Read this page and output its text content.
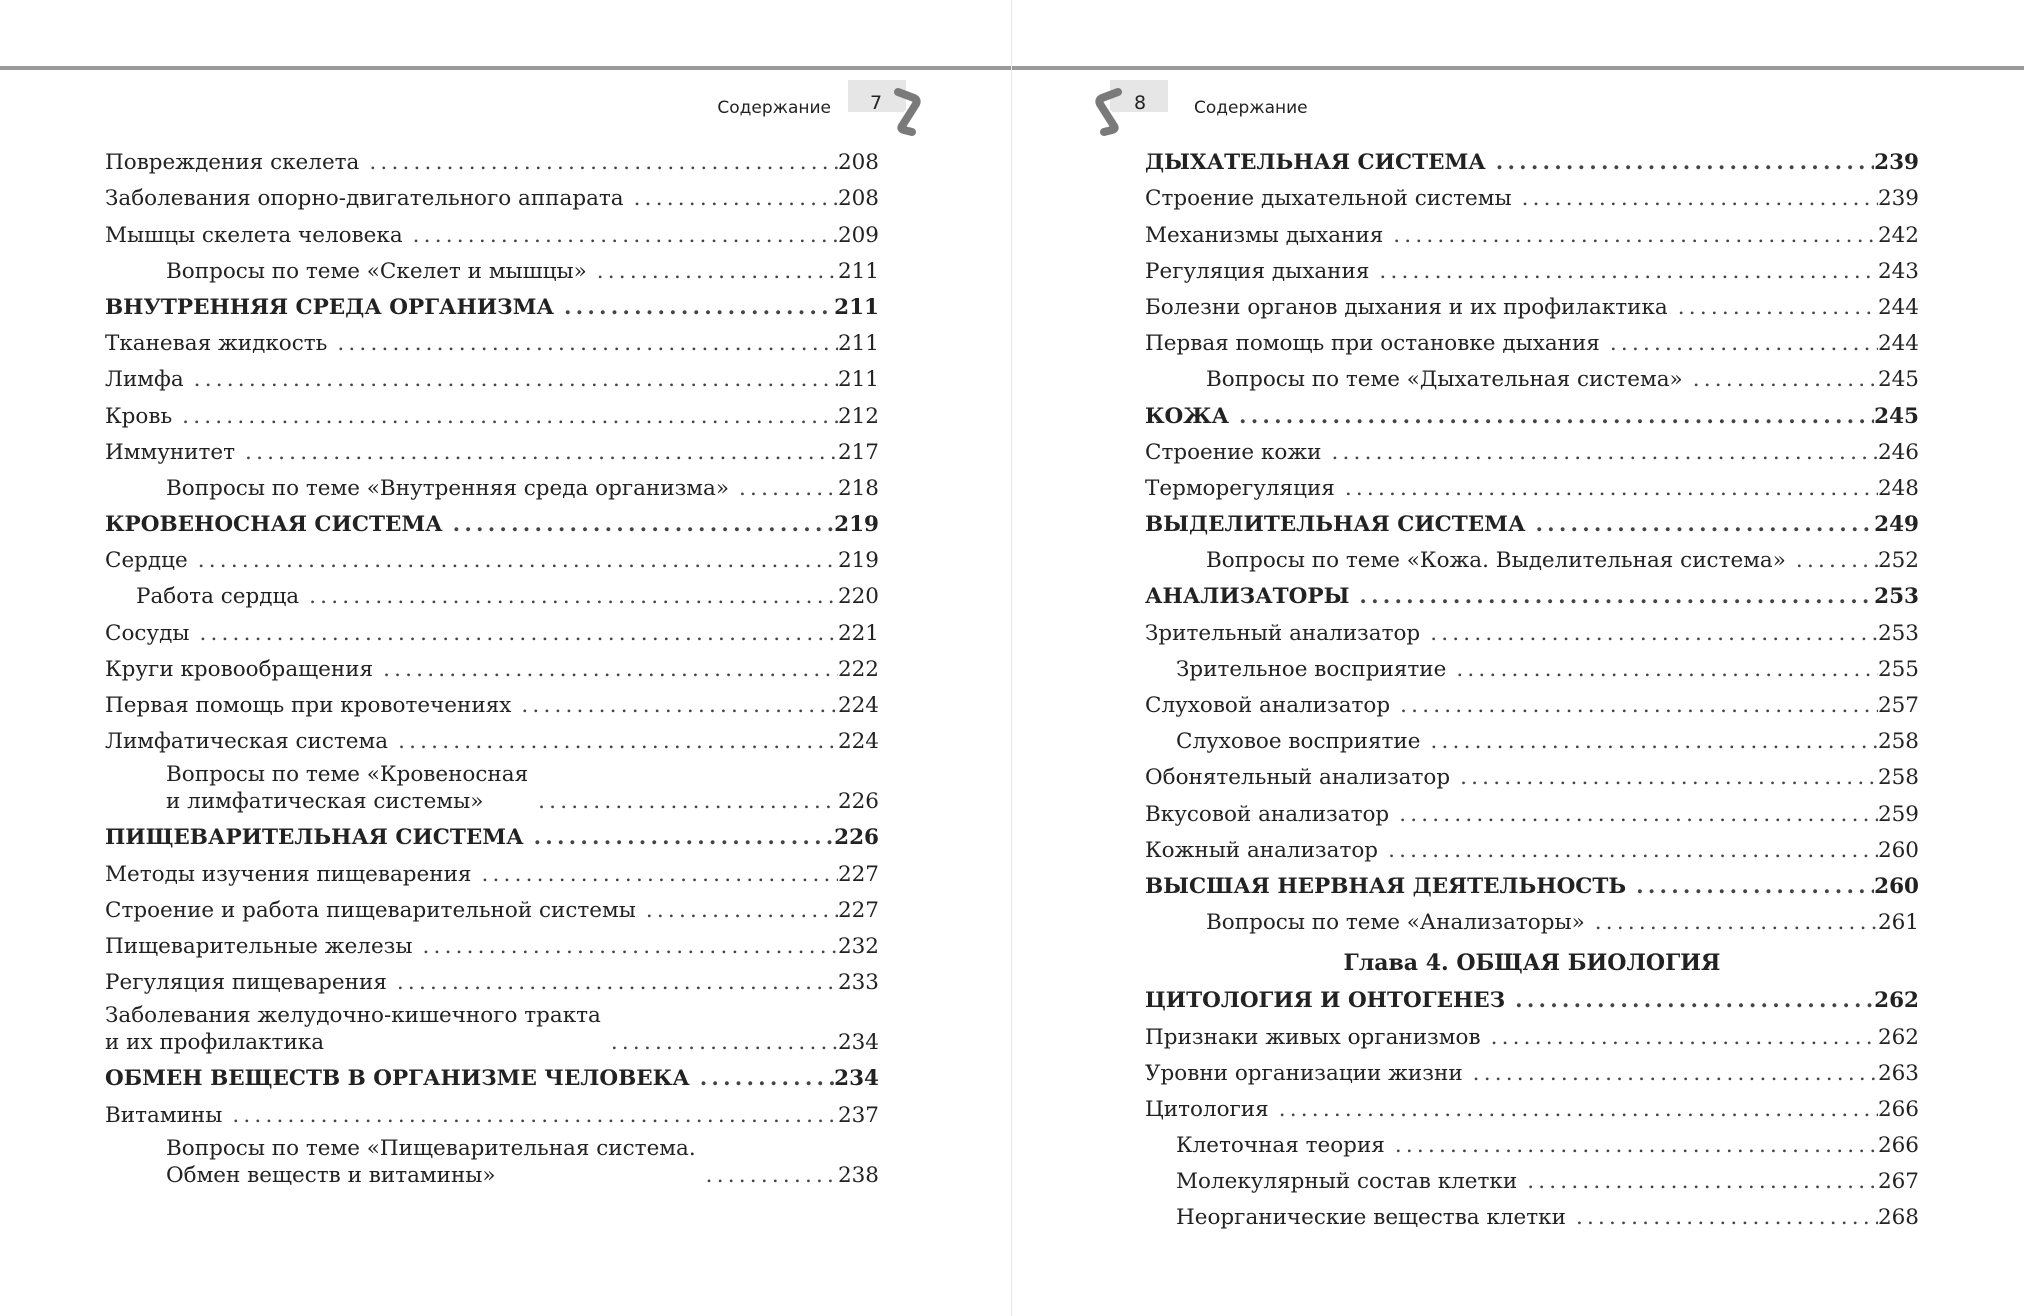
Содержание	7
Повреждения скелета .....	208
Заболевания опорно-двигательного аппарата .....	208
Мышцы скелета человека .....	209
Вопросы по теме «Скелет и мышцы» .....	211
ВНУТРЕННЯЯ СРЕДА ОРГАНИЗМА .....	211
Тканевая жидкость .....	211
Лимфа .....	211
Кровь .....	212
Иммунитет .....	217
Вопросы по теме «Внутренняя среда организма» .....	218
КРОВЕНОСНАЯ СИСТЕМА .....	219
Сердце .....	219
Работа сердца .....	220
Сосуды .....	221
Круги кровообращения .....	222
Первая помощь при кровотечениях .....	224
Лимфатическая система .....	224
Вопросы по теме «Кровеносная
и лимфатическая системы» .....	226
ПИЩЕВАРИТЕЛЬНАЯ СИСТЕМА .....	226
Методы изучения пищеварения .....	227
Строение и работа пищеварительной системы .....	227
Пищеварительные железы .....	232
Регуляция пищеварения .....	233
Заболевания желудочно-кишечного тракта
и их профилактика .....	234
ОБМЕН ВЕЩЕСТВ В ОРГАНИЗМЕ ЧЕЛОВЕКА .....	234
Витамины .....	237
Вопросы по теме «Пищеварительная система.
Обмен веществ и витамины» .....	238
Содержание
8
ДЫХАТЕЛЬНАЯ СИСТЕМА .....	239
Строение дыхательной системы .....	239
Механизмы дыхания .....	242
Регуляция дыхания .....	243
Болезни органов дыхания и их профилактика .....	244
Первая помощь при остановке дыхания .....	244
Вопросы по теме «Дыхательная система» .....	245
КОЖА .....	245
Строение кожи .....	246
Терморегуляция .....	248
ВЫДЕЛИТЕЛЬНАЯ СИСТЕМА .....	249
Вопросы по теме «Кожа. Выделительная система» .....	252
АНАЛИЗАТОРЫ .....	253
Зрительный анализатор .....	253
Зрительное восприятие .....	255
Слуховой анализатор .....	257
Слуховое восприятие .....	258
Обонятельный анализатор .....	258
Вкусовой анализатор .....	259
Кожный анализатор .....	260
ВЫСШАЯ НЕРВНАЯ ДЕЯТЕЛЬНОСТЬ .....	260
Вопросы по теме «Анализаторы» .....	261
Глава 4. ОБЩАЯ БИОЛОГИЯ
ЦИТОЛОГИЯ И ОНТОГЕНЕЗ .....	262
Признаки живых организмов .....	262
Уровни организации жизни .....	263
Цитология .....	266
Клеточная теория .....	266
Молекулярный состав клетки .....	267
Неорганические вещества клетки .....	268
